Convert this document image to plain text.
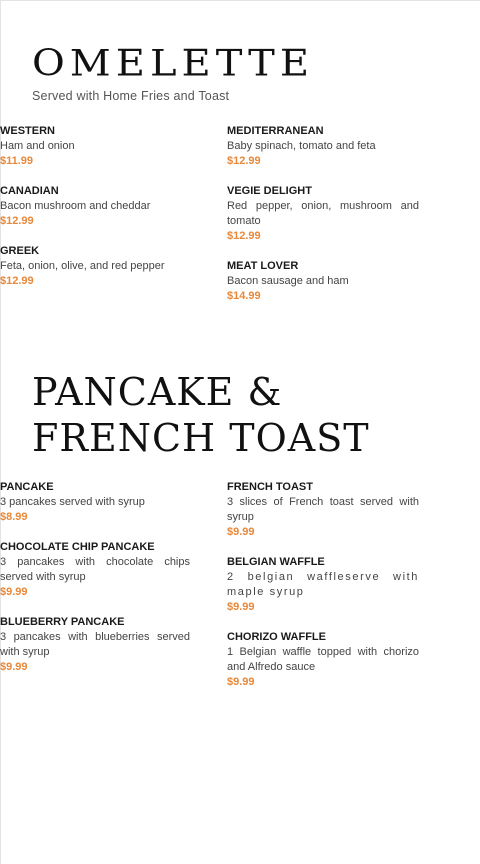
OMELETTE
Served with Home Fries and Toast
WESTERN
Ham and onion
$11.99
CANADIAN
Bacon mushroom and cheddar
$12.99
GREEK
Feta, onion, olive, and red pepper
$12.99
MEDITERRANEAN
Baby spinach, tomato and feta
$12.99
VEGIE DELIGHT
Red pepper, onion, mushroom and tomato
$12.99
MEAT LOVER
Bacon sausage and ham
$14.99
PANCAKE &
FRENCH TOAST
PANCAKE
3 pancakes served with syrup
$8.99
CHOCOLATE CHIP PANCAKE
3 pancakes with chocolate chips served with syrup
$9.99
BLUEBERRY PANCAKE
3 pancakes with blueberries served with syrup
$9.99
FRENCH TOAST
3 slices of French toast served with syrup
$9.99
BELGIAN WAFFLE
2 belgian waffleserve with maple syrup
$9.99
CHORIZO WAFFLE
1 Belgian waffle topped with chorizo and Alfredo sauce
$9.99
